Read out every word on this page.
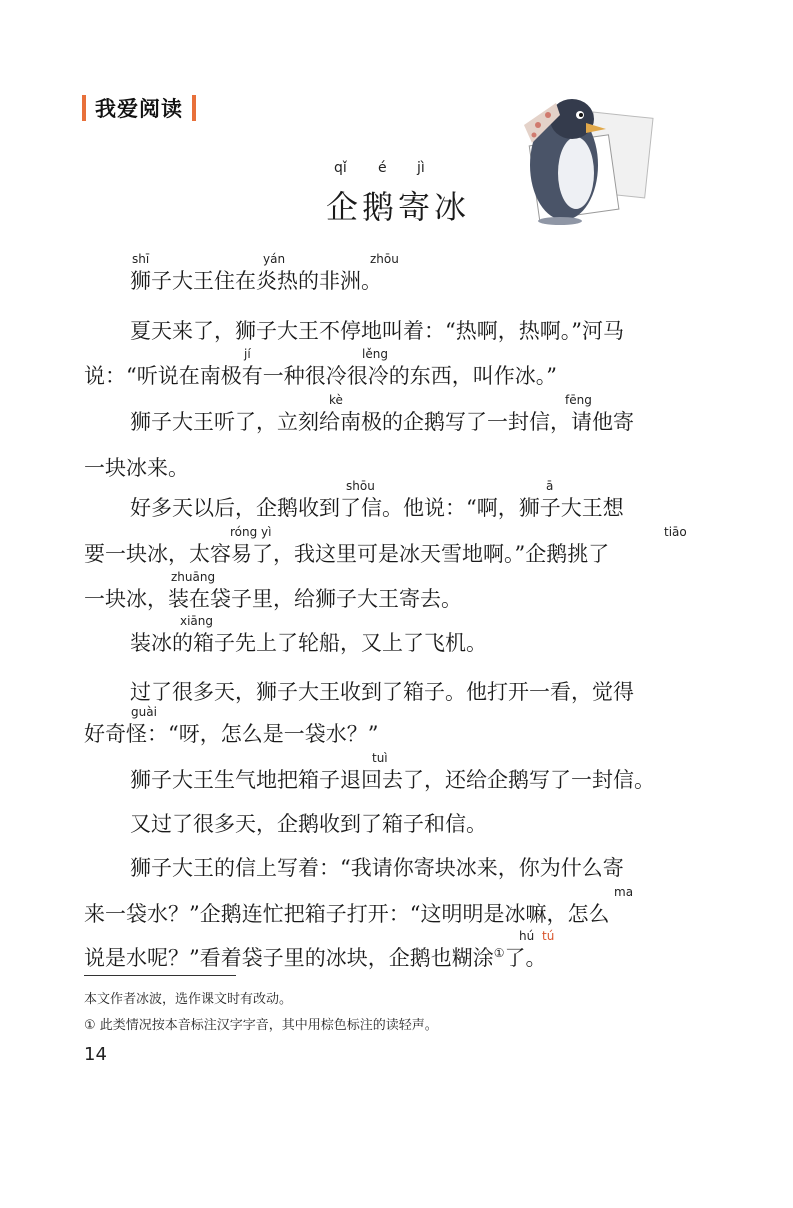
我爱阅读
qǐ é jì
企鹅寄冰
狮子大王住在炎热的非洲。
shī	yán	zhōu
夏天来了，狮子大王不停地叫着：“热啊，热啊。”河马
说：“听说在南极有一种很冷很冷的东西，叫作冰。”
jí	lěng
狮子大王听了，立刻给南极的企鹅写了一封信，请他寄
kè	fēng
一块冰来。
好多天以后，企鹅收到了信。他说：“啊，狮子大王想
shōu	ā
要一块冰，太容易了，我这里可是冰天雪地啊。”企鹅挑了
róng yì	tiāo
一块冰，装在袋子里，给狮子大王寄去。
zhuāng
装冰的箱子先上了轮船，又上了飞机。
xiāng
过了很多天，狮子大王收到了箱子。他打开一看，觉得
好奇怪：“呀，怎么是一袋水？”
guài
狮子大王生气地把箱子退回去了，还给企鹅写了一封信。
tuì
又过了很多天，企鹅收到了箱子和信。
狮子大王的信上写着：“我请你寄块冰来，你为什么寄
来一袋水？”企鹅连忙把箱子打开：“这明明是冰嘛，怎么
ma
说是水呢？”看着袋子里的冰块，企鹅也糊涂①了。
hú tú
本文作者冰波，选作课文时有改动。
① 此类情况按本音标注汉字字音，其中用棕色标注的读轻声。
14
